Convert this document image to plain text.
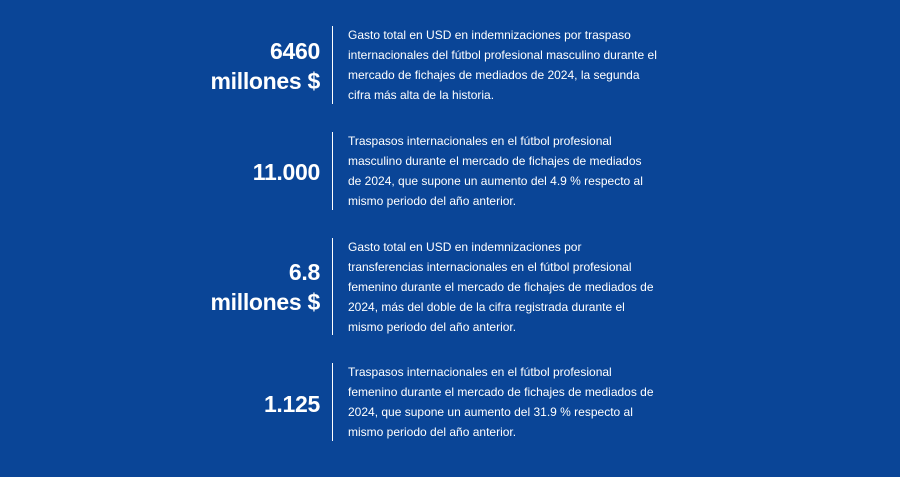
6460
millones $

Gasto total en USD en indemnizaciones por traspaso internacionales del fútbol profesional masculino durante el mercado de fichajes de mediados de 2024, la segunda cifra más alta de la historia.

11.000

Traspasos internacionales en el fútbol profesional masculino durante el mercado de fichajes de mediados de 2024, que supone un aumento del 4.9 % respecto al mismo periodo del año anterior.

6.8
millones $

Gasto total en USD en indemnizaciones por transferencias internacionales en el fútbol profesional femenino durante el mercado de fichajes de mediados de 2024, más del doble de la cifra registrada durante el mismo periodo del año anterior.

1.125

Traspasos internacionales en el fútbol profesional femenino durante el mercado de fichajes de mediados de 2024, que supone un aumento del 31.9 % respecto al mismo periodo del año anterior.
